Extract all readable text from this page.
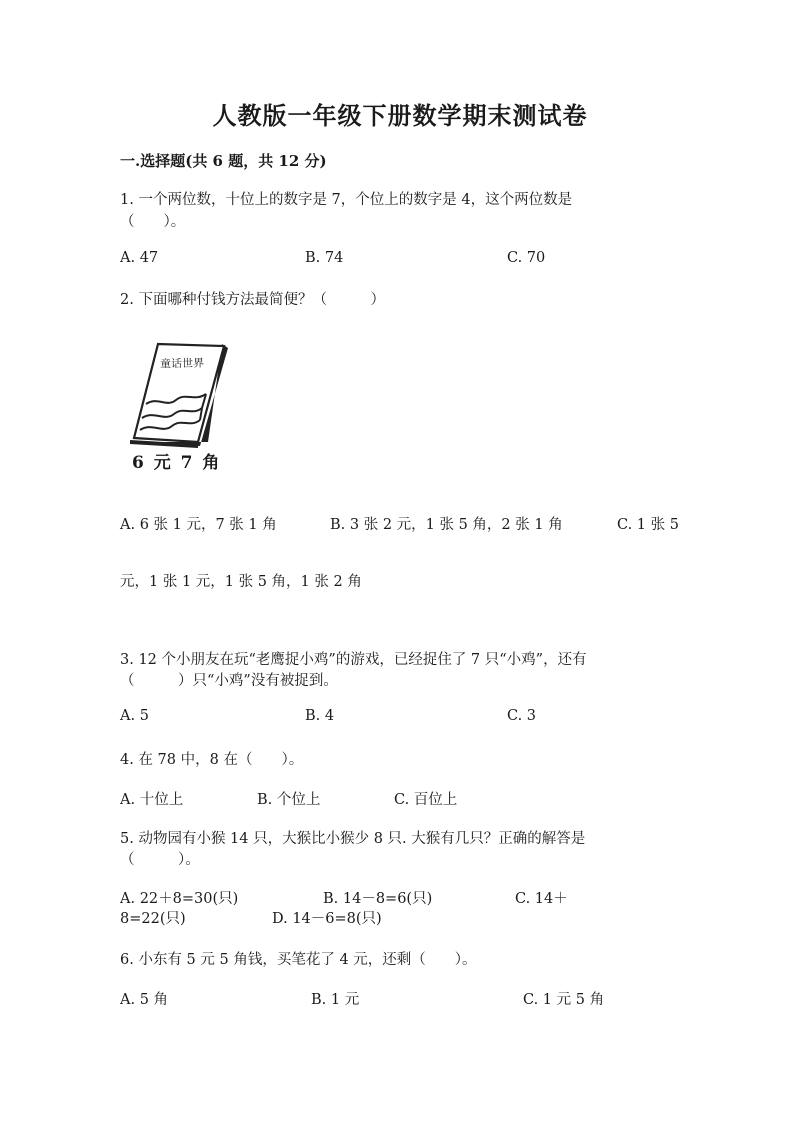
人教版一年级下册数学期末测试卷
一.选择题(共 6 题，共 12 分)
1. 一个两位数，十位上的数字是 7，个位上的数字是 4，这个两位数是
（　　）。
A. 47	B. 74	C. 70
2. 下面哪种付钱方法最简便？（　　　）
童话世界
6 元 7 角
A. 6 张 1 元，7 张 1 角	B. 3 张 2 元，1 张 5 角，2 张 1 角	C. 1 张 5
元，1 张 1 元，1 张 5 角，1 张 2 角
3. 12 个小朋友在玩“老鹰捉小鸡”的游戏，已经捉住了 7 只“小鸡”，还有
（　　　）只“小鸡”没有被捉到。
A. 5	B. 4	C. 3
4. 在 78 中，8 在（　　）。
A. 十位上	B. 个位上	C. 百位上
5. 动物园有小猴 14 只，大猴比小猴少 8 只. 大猴有几只？正确的解答是
（　　　）。
A. 22＋8=30(只)	B. 14－8=6(只)	C. 14＋
8=22(只)	D. 14－6=8(只)
6. 小东有 5 元 5 角钱，买笔花了 4 元，还剩（　　）。
A. 5 角	B. 1 元	C. 1 元 5 角
